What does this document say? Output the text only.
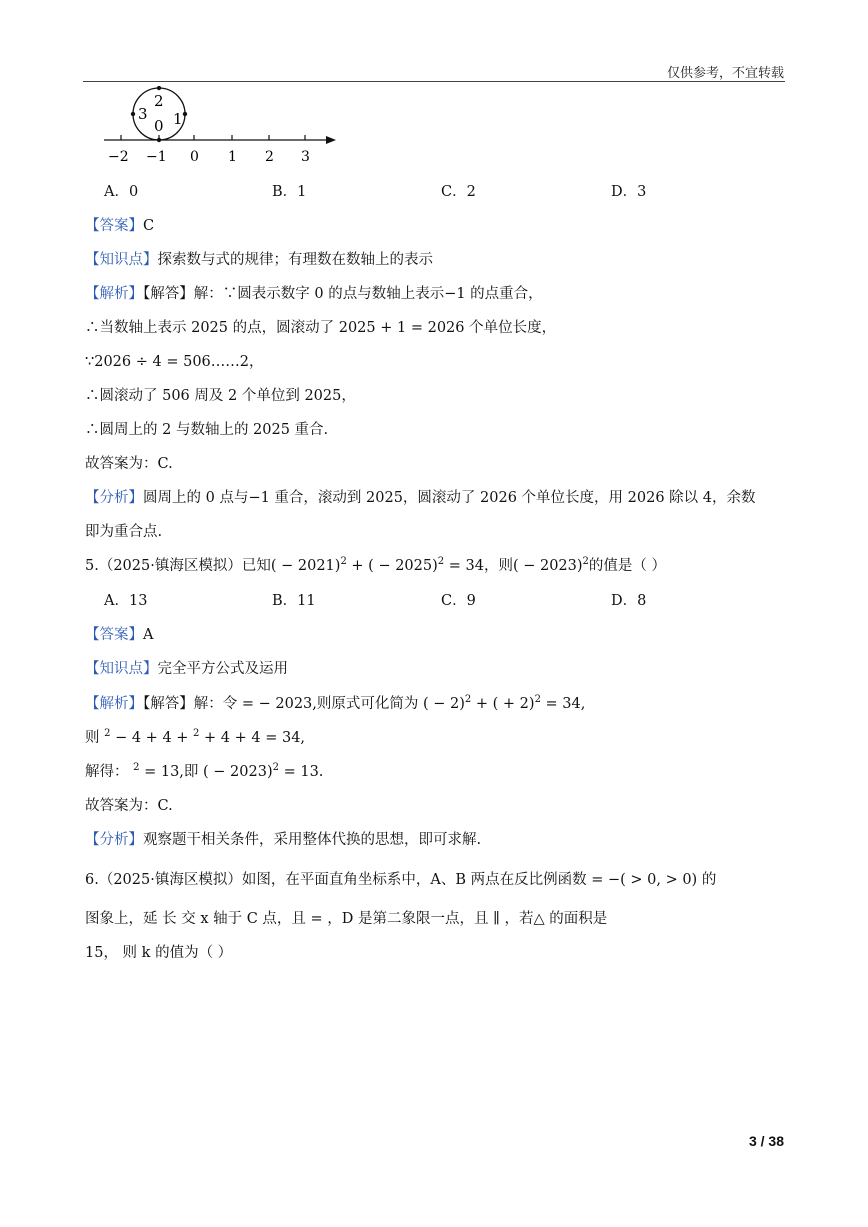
仅供参考，不宜转载
2
3
0 1
−2 −1 0 1 2 3
A．0	B．1	C．2	D．3
【答案】C
【知识点】探索数与式的规律；有理数在数轴上的表示
【解析】【解答】解：∵圆表示数字 0 的点与数轴上表示−1 的点重合，
∴当数轴上表示 2025 的点，圆滚动了 2025 + 1 = 2026 个单位长度，
∵2026 ÷ 4 = 506……2，
∴圆滚动了 506 周及 2 个单位到 2025，
∴圆周上的 2 与数轴上的 2025 重合.
故答案为：C.
【分析】圆周上的 0 点与−1 重合，滚动到 2025，圆滚动了 2026 个单位长度，用 2026 除以 4，余数
即为重合点.
5.（2025·镇海区模拟）已知( − 2021)$^2$ + ( − 2025)$^2$ = 34，则( − 2023)$^2$的值是（ ）
A．13	B．11	C．9	D．8
【答案】A
【知识点】完全平方公式及运用
【解析】【解答】解：令 = − 2023,则原式可化简为 ( − 2)$^2$ + ( + 2)$^2$ = 34,
则 $^2$ − 4 + 4 + $^2$ + 4 + 4 = 34,
解得： $^2$ = 13,即 ( − 2023)$^2$ = 13.
故答案为：C.
【分析】观察题干相关条件，采用整体代换的思想，即可求解.
6.（2025·镇海区模拟）如图，在平面直角坐标系中，A、B 两点在反比例函数 = −( > 0, > 0) 的
图象上，延 长 交 x 轴于 C 点，且 = ，D 是第二象限一点，且 ∥ ，若△ 的面积是
15， 则 k 的值为（ ）
3 / 38
